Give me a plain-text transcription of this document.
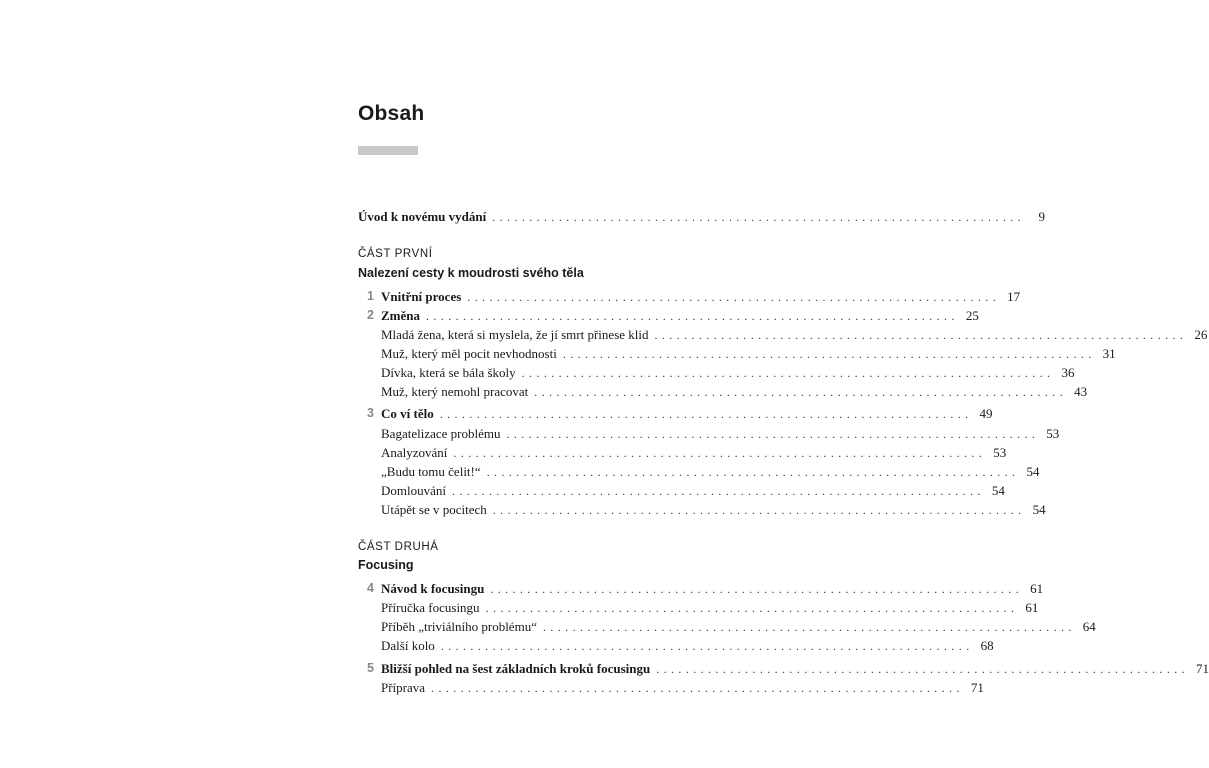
Obsah
Úvod k novému vydání ........................................................................	9
ČÁST PRVNÍ
Nalezení cesty k moudrosti svého těla
1 Vnitřní proces ........................................................................ 17
2 Změna ........................................................................ 25
Mladá žena, která si myslela, že jí smrt přinese klid ........................................................................ 26
Muž, který měl pocit nevhodnosti ........................................................................ 31
Dívka, která se bála školy ........................................................................ 36
Muž, který nemohl pracovat ........................................................................ 43
3 Co ví tělo ........................................................................ 49
Bagatelizace problému ........................................................................ 53
Analyzování ........................................................................ 53
„Budu tomu čelit!“ ........................................................................ 54
Domlouvání ........................................................................ 54
Utápět se v pocitech ........................................................................ 54
ČÁST DRUHÁ
Focusing
4 Návod k focusingu ........................................................................ 61
Příručka focusingu ........................................................................ 61
Příběh „triviálního problému“ ........................................................................ 64
Další kolo ........................................................................ 68
5 Bližší pohled na šest základních kroků focusingu ........................................................................ 71
Příprava ........................................................................ 71
